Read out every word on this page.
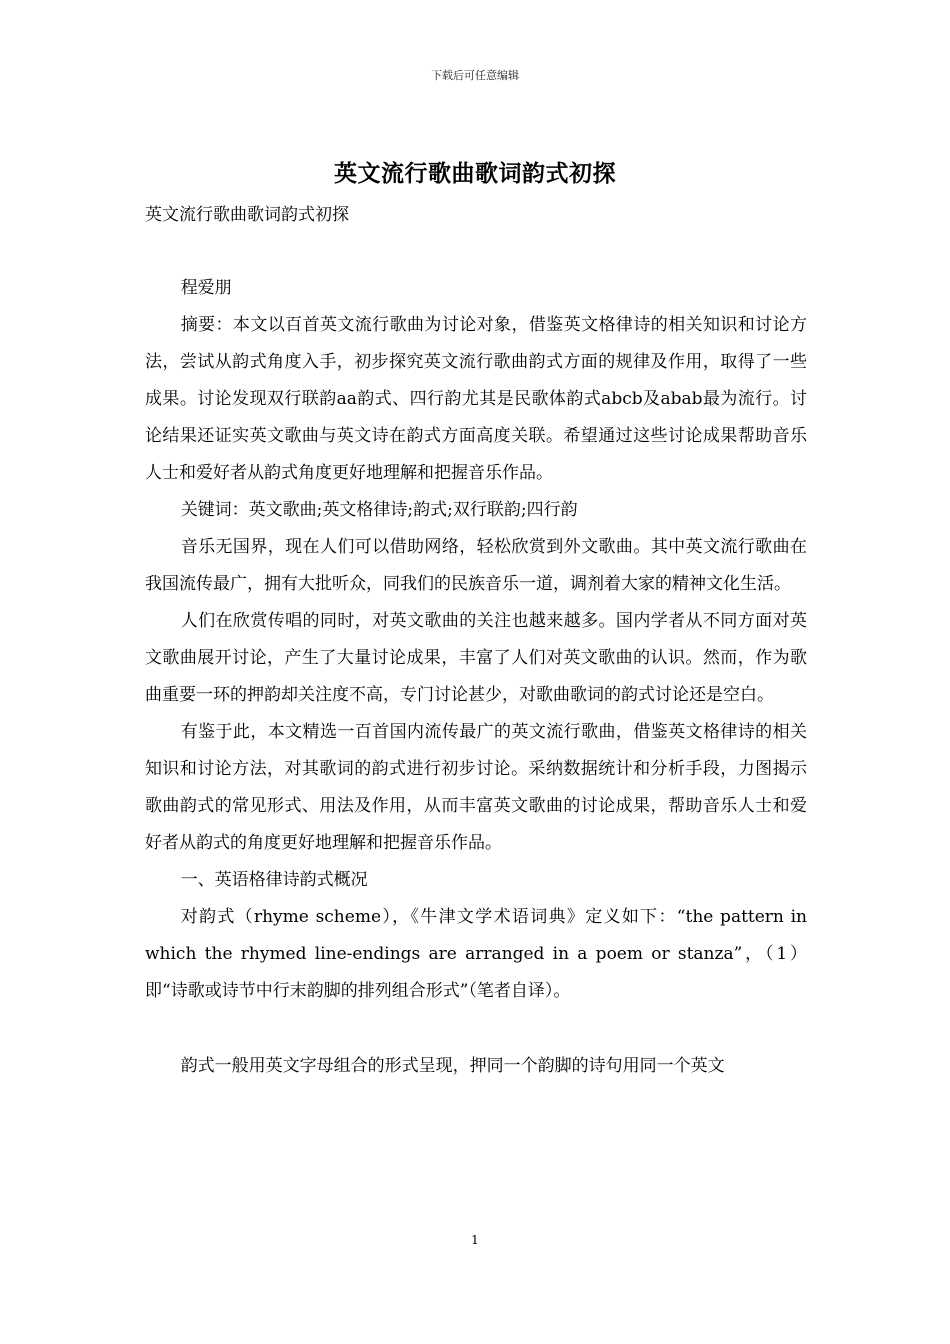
下载后可任意编辑
英文流行歌曲歌词韵式初探
英文流行歌曲歌词韵式初探

程爱朋

摘要：本文以百首英文流行歌曲为讨论对象，借鉴英文格律诗的相关知识和讨论方法，尝试从韵式角度入手，初步探究英文流行歌曲韵式方面的规律及作用，取得了一些成果。讨论发现双行联韵aa韵式、四行韵尤其是民歌体韵式abcb及abab最为流行。讨论结果还证实英文歌曲与英文诗在韵式方面高度关联。希望通过这些讨论成果帮助音乐人士和爱好者从韵式角度更好地理解和把握音乐作品。

关键词：英文歌曲;英文格律诗;韵式;双行联韵;四行韵

音乐无国界，现在人们可以借助网络，轻松欣赏到外文歌曲。其中英文流行歌曲在我国流传最广，拥有大批听众，同我们的民族音乐一道，调剂着大家的精神文化生活。

人们在欣赏传唱的同时，对英文歌曲的关注也越来越多。国内学者从不同方面对英文歌曲展开讨论，产生了大量讨论成果，丰富了人们对英文歌曲的认识。然而，作为歌曲重要一环的押韵却关注度不高，专门讨论甚少，对歌曲歌词的韵式讨论还是空白。

有鉴于此，本文精选一百首国内流传最广的英文流行歌曲，借鉴英文格律诗的相关知识和讨论方法，对其歌词的韵式进行初步讨论。采纳数据统计和分析手段，力图揭示歌曲韵式的常见形式、用法及作用，从而丰富英文歌曲的讨论成果，帮助音乐人士和爱好者从韵式的角度更好地理解和把握音乐作品。

一、英语格律诗韵式概况

对韵式（rhyme scheme），《牛津文学术语词典》定义如下：“the pattern in which the rhymed line-endings are arranged in a poem or stanza”，（1）即“诗歌或诗节中行末韵脚的排列组合形式”（笔者自译）。

韵式一般用英文字母组合的形式呈现，押同一个韵脚的诗句用同一个英文

1
